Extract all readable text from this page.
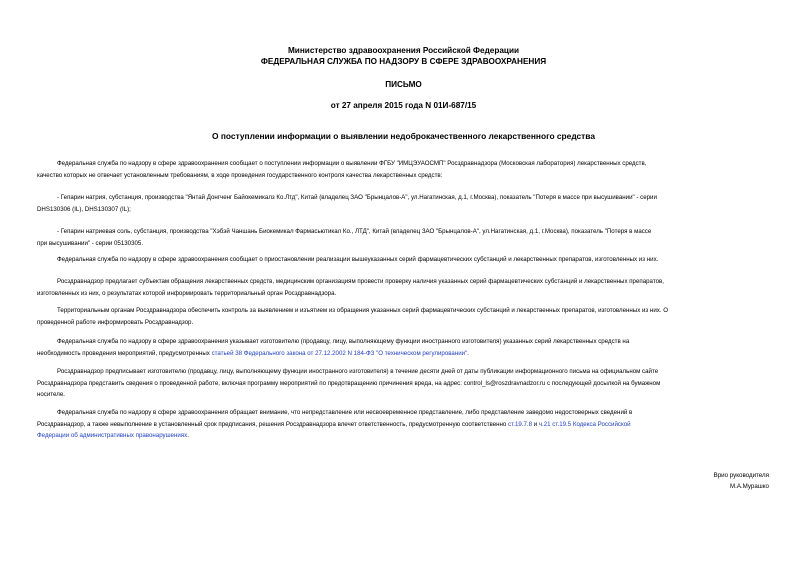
Министерство здравоохранения Российской Федерации
ФЕДЕРАЛЬНАЯ СЛУЖБА ПО НАДЗОРУ В СФЕРЕ ЗДРАВООХРАНЕНИЯ
ПИСЬМО
от 27 апреля 2015 года N 01И-687/15
О поступлении информации о выявлении недоброкачественного лекарственного средства
Федеральная служба по надзору в сфере здравоохранения сообщает о поступлении информации о выявлении ФГБУ "ИМЦЭУАОСМП" Росздравнадзора (Московская лаборатория) лекарственных средств,
качество которых не отвечает установленным требованиям, в ходе проведения государственного контроля качества лекарственных средств:
- Гепарин натрия, субстанция, производства "Янтай Донгченг Байокемикалз Ко.Лтд", Китай (владелец ЗАО "Брынцалов-А", ул.Нагатинская, д.1, г.Москва), показатель "Потеря в массе при высушивании" - серии
DHS130306 (IL), DHS130307 (IL);
- Гепарин натриевая соль, субстанция, производства "Хэбэй Чаншань Биокемикал Фармасьютикал Ко., ЛТД", Китай (владелец ЗАО "Брынцалов-А", ул.Нагатинская, д.1, г.Москва), показатель "Потеря в массе
при высушивании" - серии 05130305.
Федеральная служба по надзору в сфере здравоохранения сообщает о приостановлении реализации вышеуказанных серий фармацевтических субстанций и лекарственных препаратов, изготовленных из них.
Росздравнадзор предлагает субъектам обращения лекарственных средств, медицинским организациям провести проверку наличия указанных серий фармацевтических субстанций и лекарственных препаратов,
изготовленных из них, о результатах которой информировать территориальный орган Росздравнадзора.
Территориальным органам Росздравнадзора обеспечить контроль за выявлением и изъятием из обращения указанных серий фармацевтических субстанций и лекарственных препаратов, изготовленных из них. О
проведенной работе информировать Росздравнадзор.
Федеральная служба по надзору в сфере здравоохранения указывает изготовителю (продавцу, лицу, выполняющему функции иностранного изготовителя) указанных серий лекарственных средств на
необходимость проведения мероприятий, предусмотренных статьей 38 Федерального закона от 27.12.2002 N 184-ФЗ "О техническом регулировании".
Росздравнадзор предписывает изготовителю (продавцу, лицу, выполняющему функции иностранного изготовителя) в течение десяти дней от даты публикации информационного письма на официальном сайте
Росздравнадзора представить сведения о проведенной работе, включая программу мероприятий по предотвращению причинения вреда, на адрес: control_ls@roszdravnadzor.ru с последующей досылкой на бумажном
носителе.
Федеральная служба по надзору в сфере здравоохранения обращает внимание, что непредставление или несвоевременное представление, либо представление заведомо недостоверных сведений в
Росздравнадзор, а также невыполнение в установленный срок предписания, решения Росздравнадзора влечет ответственность, предусмотренную соответственно ст.19.7.8 и ч.21 ст.19.5 Кодекса Российской
Федерации об административных правонарушениях.
Врио руководителя
М.А.Мурашко
